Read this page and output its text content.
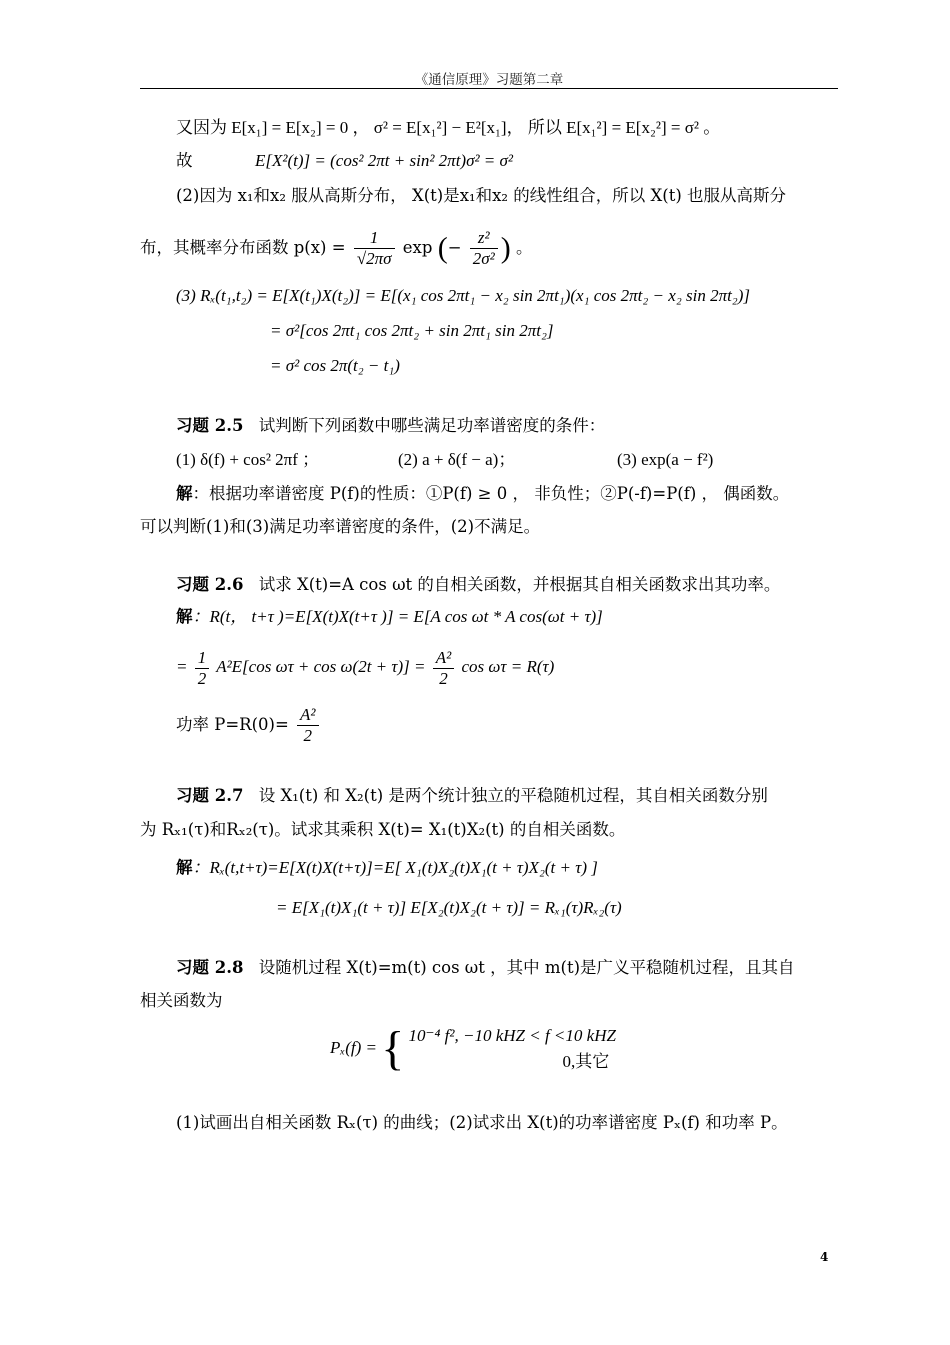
《通信原理》习题第二章
又因为 E[x₁] = E[x₂] = 0 ， σ² = E[x₁²] − E²[x₁]， 所以 E[x₁²] = E[x₂²] = σ² 。
故	E[X²(t)] = (cos² 2πt + sin² 2πt)σ² = σ²
(2)因为 x₁和x₂ 服从高斯分布， X(t)是x₁和x₂ 的线性组合，所以 X(t) 也服从高斯分
布，其概率分布函数 $p(x) = \frac{1}{√2\pi\sigma}$ exp (− $\frac{\text{z²}}{\text{2σ²}}$ ) 。
(3) Rₓ(t₁,t₂) = E[X(t₁)X(t₂)] = E[(x₁ cos 2πt₁ − x₂ sin 2πt₁)(x₁ cos 2πt₂ − x₂ sin 2πt₂)]
= σ²[cos 2πt₁ cos 2πt₂ + sin 2πt₁ sin 2πt₂]
= σ² cos 2π(t₂ − t₁)
习题 2.5 试判断下列函数中哪些满足功率谱密度的条件：
(1) δ(f) + cos² 2πf ；	(2) a + δ(f − a)；	(3) exp(a − f²)
解：根据功率谱密度 P(f)的性质：①P(f) ≥ 0 ， 非负性；②P(-f)=P(f) ， 偶函数。
可以判断(1)和(3)满足功率谱密度的条件，(2)不满足。
习题 2.6 试求 X(t)=A cos ωt 的自相关函数，并根据其自相关函数求出其功率。
解：R(t， t+τ )=E[X(t)X(t+τ )] = E[A cos ωt * A cos(ωt + τ)]
= $\frac{1}{2} A^2E[\cos$ $\omega\tau + \cos \omega(2t + \tau)] = \frac{\text{A²}}{2}$ cos ωτ = R(τ)
功率 $P=R(0)= \frac{\text{A²}}{2}$
习题 2.7 设 X₁(t) 和 X₂(t) 是两个统计独立的平稳随机过程，其自相关函数分别
为 Rₓ₁(τ)和Rₓ₂(τ)。试求其乘积 X(t)= X₁(t)X₂(t) 的自相关函数。
解：Rₓ(t,t+τ)=E[X(t)X(t+τ)]=E[ X₁(t)X₂(t)X₁(t + τ)X₂(t + τ) ]
= E[X₁(t)X₁(t + τ)] E[X₂(t)X₂(t + τ)] = Rₓ₁(τ)Rₓ₂(τ)
习题 2.8 设随机过程 X(t)=m(t) cos ωt ，其中 m(t)是广义平稳随机过程，且其自
相关函数为
Pₓ(f) = { 10⁻⁴ f², −10 kHZ < f <10 kHZ
0,其它
(1)试画出自相关函数 Rₓ(τ) 的曲线；(2)试求出 X(t)的功率谱密度 Pₓ(f) 和功率 P。
4
